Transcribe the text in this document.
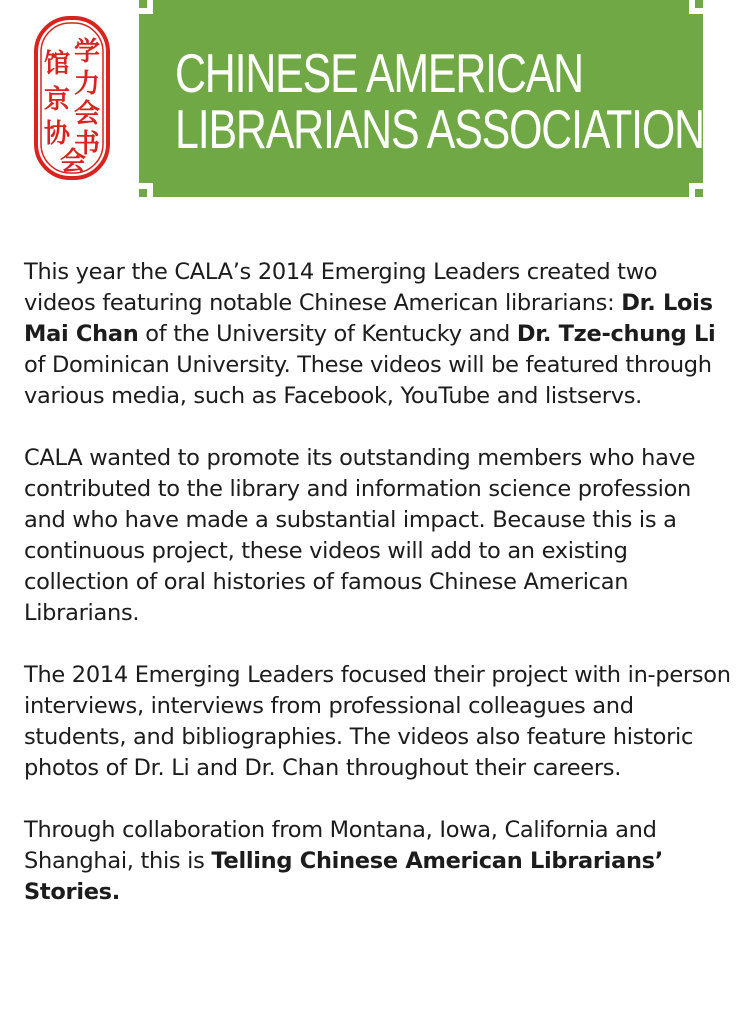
学
馆
力
京 会
协 书
会
CHINESE AMERICAN
LIBRARIANS ASSOCIATION

This year the CALA’s 2014 Emerging Leaders created two videos featuring notable Chinese American librarians: Dr. Lois Mai Chan of the University of Kentucky and Dr. Tze-chung Li of Dominican University. These videos will be featured through various media, such as Facebook, YouTube and listservs.

CALA wanted to promote its outstanding members who have contributed to the library and information science profession and who have made a substantial impact. Because this is a continuous project, these videos will add to an existing collection of oral histories of famous Chinese American Librarians.

The 2014 Emerging Leaders focused their project with in-person interviews, interviews from professional colleagues and students, and bibliographies. The videos also feature historic photos of Dr. Li and Dr. Chan throughout their careers.

Through collaboration from Montana, Iowa, California and Shanghai, this is Telling Chinese American Librarians’ Stories.
